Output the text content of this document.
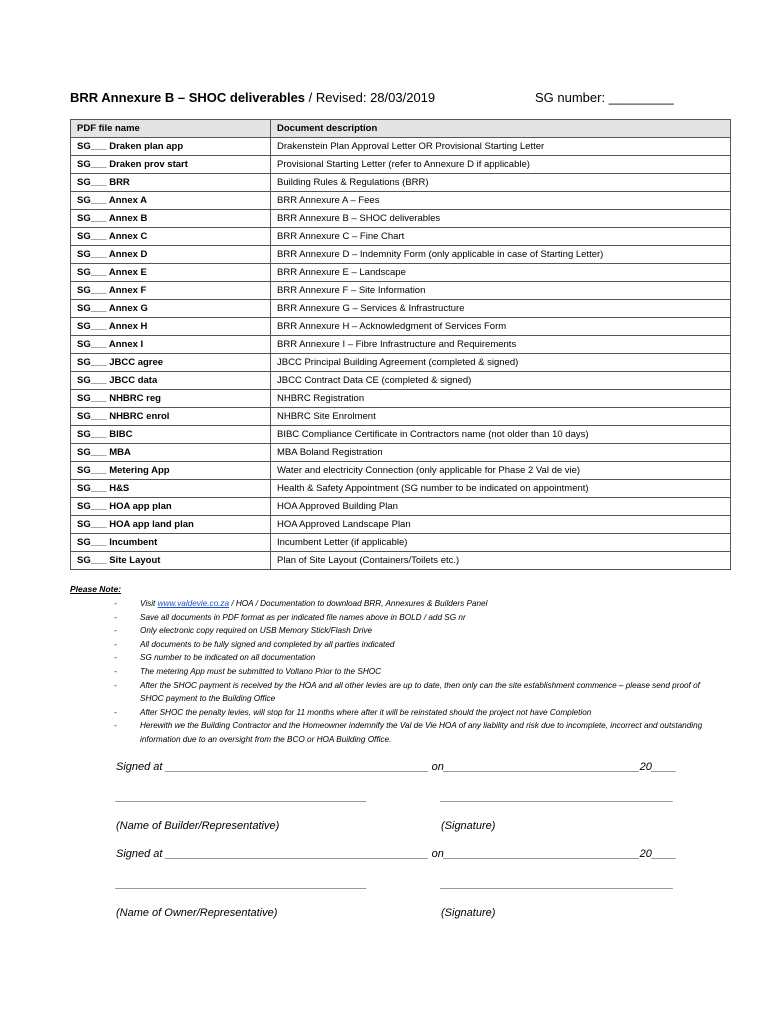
BRR Annexure B – SHOC deliverables / Revised: 28/03/2019	SG number: _________
PDF file name	Document description
SG___ Draken plan app	Drakenstein Plan Approval Letter OR Provisional Starting Letter
SG___ Draken prov start	Provisional Starting Letter (refer to Annexure D if applicable)
SG___ BRR	Building Rules & Regulations (BRR)
SG___ Annex A	BRR Annexure A – Fees
SG___ Annex B	BRR Annexure B – SHOC deliverables
SG___ Annex C	BRR Annexure C – Fine Chart
SG___ Annex D	BRR Annexure D – Indemnity Form (only applicable in case of Starting Letter)
SG___ Annex E	BRR Annexure E – Landscape
SG___ Annex F	BRR Annexure F – Site Information
SG___ Annex G	BRR Annexure G – Services & Infrastructure
SG___ Annex H	BRR Annexure H – Acknowledgment of Services Form
SG___ Annex I	BRR Annexure I – Fibre Infrastructure and Requirements
SG___ JBCC agree	JBCC Principal Building Agreement (completed & signed)
SG___ JBCC data	JBCC Contract Data CE (completed & signed)
SG___ NHBRC reg	NHBRC Registration
SG___ NHBRC enrol	NHBRC Site Enrolment
SG___ BIBC	BIBC Compliance Certificate in Contractors name (not older than 10 days)
SG___ MBA	MBA Boland Registration
SG___ Metering App	Water and electricity Connection (only applicable for Phase 2 Val de vie)
SG___ H&S	Health & Safety Appointment (SG number to be indicated on appointment)
SG___ HOA app plan	HOA Approved Building Plan
SG___ HOA app land plan	HOA Approved Landscape Plan
SG___ Incumbent	Incumbent Letter (if applicable)
SG___ Site Layout	Plan of Site Layout (Containers/Toilets etc.)
Please Note:
-	Visit www.valdevie.co.za / HOA / Documentation to download BRR, Annexures & Builders Panel
-	Save all documents in PDF format as per indicated file names above in BOLD / add SG nr
-	Only electronic copy required on USB Memory Stick/Flash Drive
-	All documents to be fully signed and completed by all parties indicated
-	SG number to be indicated on all documentation
-	The metering App must be submitted to Voltano Prior to the SHOC
-	After the SHOC payment is received by the HOA and all other levies are up to date, then only can the site establishment commence – please send proof of SHOC payment to the Building Office
-	After SHOC the penalty levies, will stop for 11 months where after it will be reinstated should the project not have Completion
-	Herewith we the Building Contractor and the Homeowner indemnify the Val de Vie HOA of any liability and risk due to incomplete, incorrect and outstanding information due to an oversight from the BCO or HOA Building Office.
Signed at ___________________________________________ on________________________________20____
_________________________________________	______________________________________
(Name of Builder/Representative)	(Signature)
Signed at ___________________________________________ on________________________________20____
_________________________________________	______________________________________
(Name of Owner/Representative)	(Signature)
